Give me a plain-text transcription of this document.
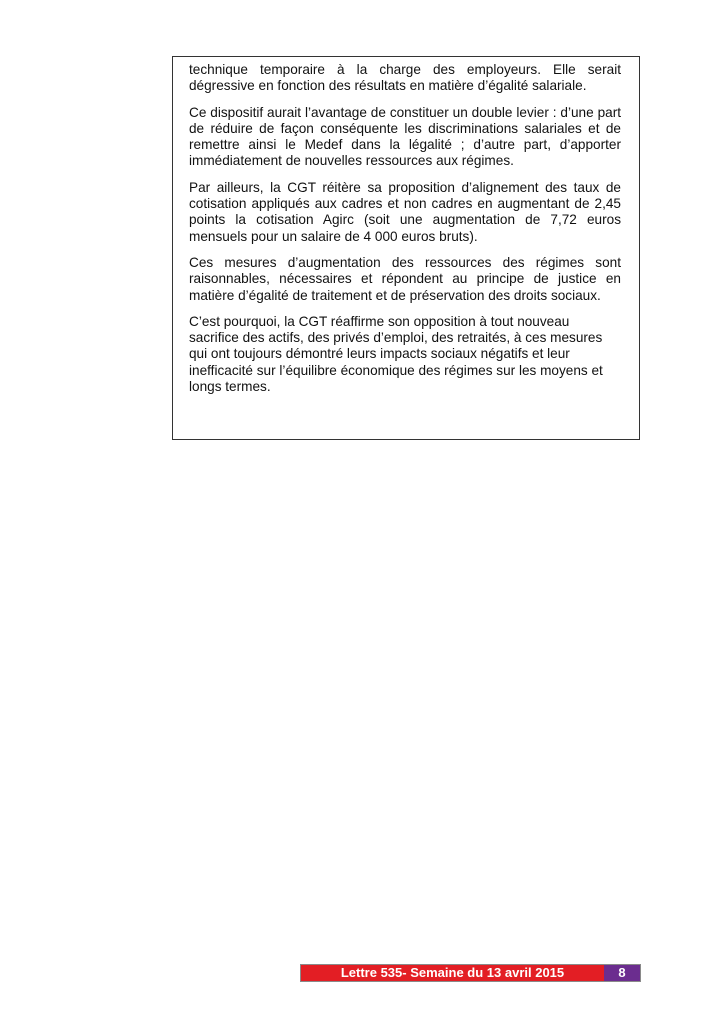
technique temporaire à la charge des employeurs. Elle serait dégressive en fonction des résultats en matière d’égalité salariale.

Ce dispositif aurait l’avantage de constituer un double levier : d’une part de réduire de façon conséquente les discriminations salariales et de remettre ainsi le Medef dans la légalité ; d’autre part, d’apporter immédiatement de nouvelles ressources aux régimes.

Par ailleurs, la CGT réitère sa proposition d’alignement des taux de cotisation appliqués aux cadres et non cadres en augmentant de 2,45 points la cotisation Agirc (soit une augmentation de 7,72 euros mensuels pour un salaire de 4 000 euros bruts).

Ces mesures d’augmentation des ressources des régimes sont raisonnables, nécessaires et répondent au principe de justice en matière d’égalité de traitement et de préservation des droits sociaux.

C’est pourquoi, la CGT réaffirme son opposition à tout nouveau sacrifice des actifs, des privés d’emploi, des retraités, à ces mesures qui ont toujours démontré leurs impacts sociaux négatifs et leur inefficacité sur l’équilibre économique des régimes sur les moyens et longs termes.

Lettre 535- Semaine du 13 avril 2015	8
